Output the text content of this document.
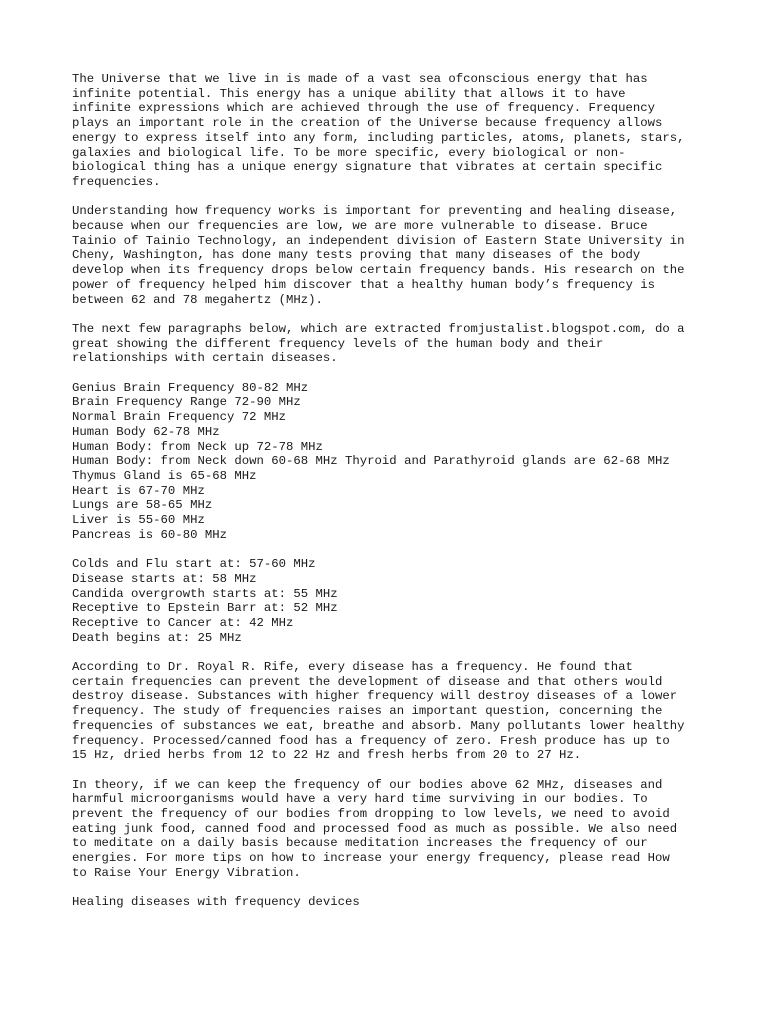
The Universe that we live in is made of a vast sea ofconscious energy that has
infinite potential. This energy has a unique ability that allows it to have
infinite expressions which are achieved through the use of frequency. Frequency
plays an important role in the creation of the Universe because frequency allows
energy to express itself into any form, including particles, atoms, planets, stars,
galaxies and biological life. To be more specific, every biological or non-
biological thing has a unique energy signature that vibrates at certain specific
frequencies.

Understanding how frequency works is important for preventing and healing disease,
because when our frequencies are low, we are more vulnerable to disease. Bruce
Tainio of Tainio Technology, an independent division of Eastern State University in
Cheny, Washington, has done many tests proving that many diseases of the body
develop when its frequency drops below certain frequency bands. His research on the
power of frequency helped him discover that a healthy human body’s frequency is
between 62 and 78 megahertz (MHz).

The next few paragraphs below, which are extracted fromjustalist.blogspot.com, do a
great showing the different frequency levels of the human body and their
relationships with certain diseases.

Genius Brain Frequency 80-82 MHz
Brain Frequency Range 72-90 MHz
Normal Brain Frequency 72 MHz
Human Body 62-78 MHz
Human Body: from Neck up 72-78 MHz
Human Body: from Neck down 60-68 MHz Thyroid and Parathyroid glands are 62-68 MHz
Thymus Gland is 65-68 MHz
Heart is 67-70 MHz
Lungs are 58-65 MHz
Liver is 55-60 MHz
Pancreas is 60-80 MHz
Colds and Flu start at: 57-60 MHz
Disease starts at: 58 MHz
Candida overgrowth starts at: 55 MHz
Receptive to Epstein Barr at: 52 MHz
Receptive to Cancer at: 42 MHz
Death begins at: 25 MHz

According to Dr. Royal R. Rife, every disease has a frequency. He found that
certain frequencies can prevent the development of disease and that others would
destroy disease. Substances with higher frequency will destroy diseases of a lower
frequency. The study of frequencies raises an important question, concerning the
frequencies of substances we eat, breathe and absorb. Many pollutants lower healthy
frequency. Processed/canned food has a frequency of zero. Fresh produce has up to
15 Hz, dried herbs from 12 to 22 Hz and fresh herbs from 20 to 27 Hz.

In theory, if we can keep the frequency of our bodies above 62 MHz, diseases and
harmful microorganisms would have a very hard time surviving in our bodies. To
prevent the frequency of our bodies from dropping to low levels, we need to avoid
eating junk food, canned food and processed food as much as possible. We also need
to meditate on a daily basis because meditation increases the frequency of our
energies. For more tips on how to increase your energy frequency, please read How
to Raise Your Energy Vibration.

Healing diseases with frequency devices
